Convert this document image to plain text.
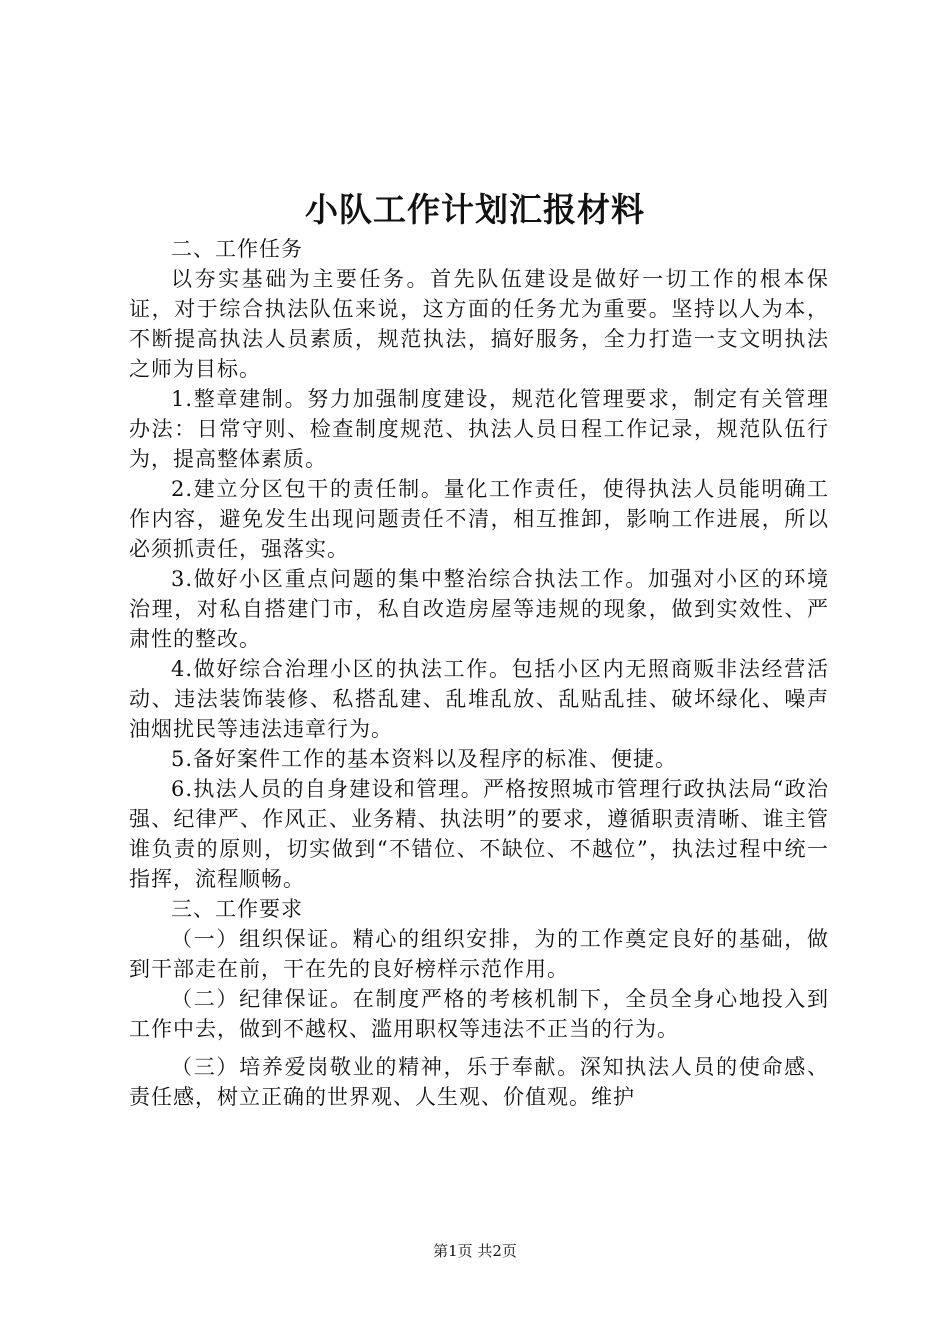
小队工作计划汇报材料

二、工作任务

以夯实基础为主要任务。首先队伍建设是做好一切工作的根本保证，对于综合执法队伍来说，这方面的任务尤为重要。坚持以人为本，不断提高执法人员素质，规范执法，搞好服务，全力打造一支文明执法之师为目标。

1.整章建制。努力加强制度建设，规范化管理要求，制定有关管理办法：日常守则、检查制度规范、执法人员日程工作记录，规范队伍行为，提高整体素质。

2.建立分区包干的责任制。量化工作责任，使得执法人员能明确工作内容，避免发生出现问题责任不清，相互推卸，影响工作进展，所以必须抓责任，强落实。

3.做好小区重点问题的集中整治综合执法工作。加强对小区的环境治理，对私自搭建门市，私自改造房屋等违规的现象，做到实效性、严肃性的整改。

4.做好综合治理小区的执法工作。包括小区内无照商贩非法经营活动、违法装饰装修、私搭乱建、乱堆乱放、乱贴乱挂、破坏绿化、噪声油烟扰民等违法违章行为。

5.备好案件工作的基本资料以及程序的标准、便捷。

6.执法人员的自身建设和管理。严格按照城市管理行政执法局“政治强、纪律严、作风正、业务精、执法明”的要求，遵循职责清晰、谁主管谁负责的原则，切实做到“不错位、不缺位、不越位”，执法过程中统一指挥，流程顺畅。

三、工作要求

（一）组织保证。精心的组织安排，为的工作奠定良好的基础，做到干部走在前，干在先的良好榜样示范作用。

（二）纪律保证。在制度严格的考核机制下，全员全身心地投入到工作中去，做到不越权、滥用职权等违法不正当的行为。

（三）培养爱岗敬业的精神，乐于奉献。深知执法人员的使命感、责任感，树立正确的世界观、人生观、价值观。维护

第1页 共2页
